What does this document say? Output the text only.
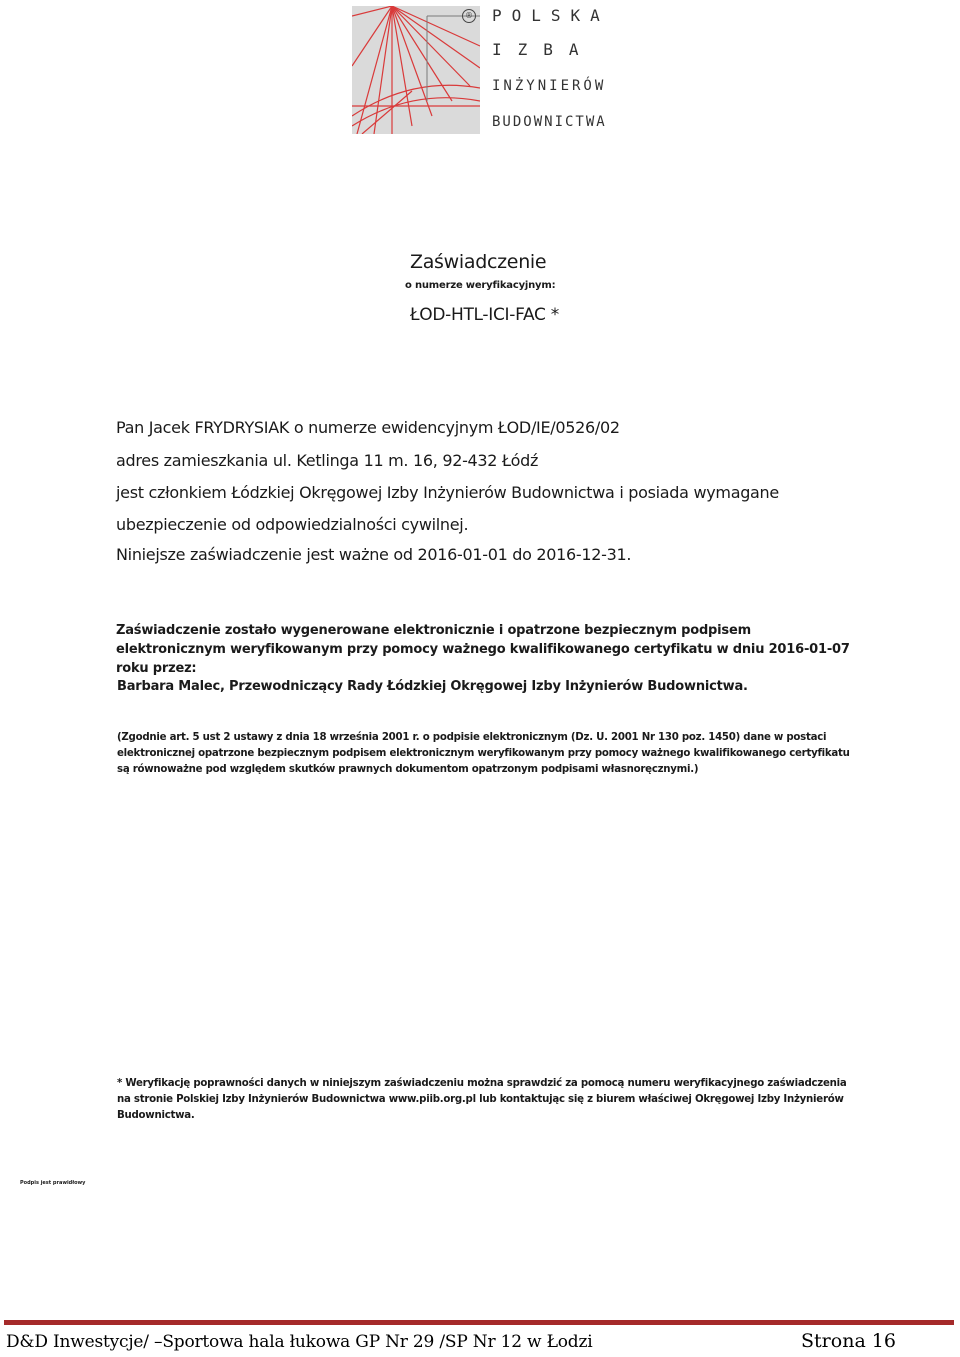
® POLSKA
IZBA
INŻYNIERÓW
BUDOWNICTWA
Zaświadczenie
o numerze weryfikacyjnym:
ŁOD-HTL-ICI-FAC *
Pan Jacek FRYDRYSIAK o numerze ewidencyjnym ŁOD/IE/0526/02
adres zamieszkania ul. Ketlinga 11 m. 16, 92-432 Łódź
jest członkiem Łódzkiej Okręgowej Izby Inżynierów Budownictwa i posiada wymagane ubezpieczenie od odpowiedzialności cywilnej.
Niniejsze zaświadczenie jest ważne od 2016-01-01 do 2016-12-31.
Zaświadczenie zostało wygenerowane elektronicznie i opatrzone bezpiecznym podpisem elektronicznym weryfikowanym przy pomocy ważnego kwalifikowanego certyfikatu w dniu 2016-01-07 roku przez:
Barbara Malec, Przewodniczący Rady Łódzkiej Okręgowej Izby Inżynierów Budownictwa.
(Zgodnie art. 5 ust 2 ustawy z dnia 18 września 2001 r. o podpisie elektronicznym (Dz. U. 2001 Nr 130 poz. 1450) dane w postaci elektronicznej opatrzone bezpiecznym podpisem elektronicznym weryfikowanym przy pomocy ważnego kwalifikowanego certyfikatu są równoważne pod względem skutków prawnych dokumentom opatrzonym podpisami własnoręcznymi.)
* Weryfikację poprawności danych w niniejszym zaświadczeniu można sprawdzić za pomocą numeru weryfikacyjnego zaświadczenia na stronie Polskiej Izby Inżynierów Budownictwa www.piib.org.pl lub kontaktując się z biurem właściwej Okręgowej Izby Inżynierów Budownictwa.
Podpis jest prawidłowy
D&D Inwestycje/ –Sportowa hala łukowa GP Nr 29 /SP Nr 12 w Łodzi	Strona 16
